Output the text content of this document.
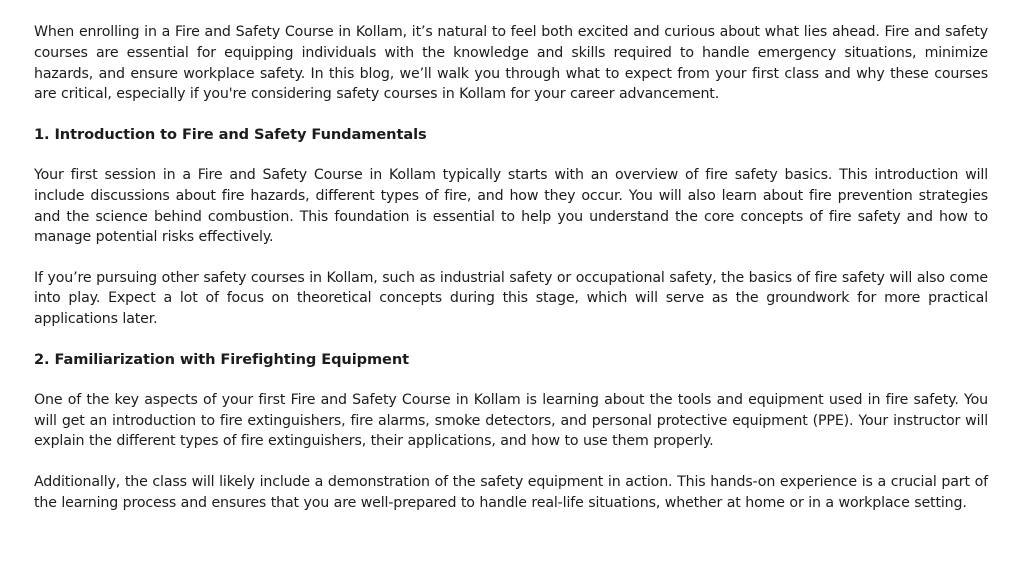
When enrolling in a Fire and Safety Course in Kollam, it’s natural to feel both excited and curious about what lies ahead. Fire and safety courses are essential for equipping individuals with the knowledge and skills required to handle emergency situations, minimize hazards, and ensure workplace safety. In this blog, we’ll walk you through what to expect from your first class and why these courses are critical, especially if you're considering safety courses in Kollam for your career advancement.

1. Introduction to Fire and Safety Fundamentals

Your first session in a Fire and Safety Course in Kollam typically starts with an overview of fire safety basics. This introduction will include discussions about fire hazards, different types of fire, and how they occur. You will also learn about fire prevention strategies and the science behind combustion. This foundation is essential to help you understand the core concepts of fire safety and how to manage potential risks effectively.

If you’re pursuing other safety courses in Kollam, such as industrial safety or occupational safety, the basics of fire safety will also come into play. Expect a lot of focus on theoretical concepts during this stage, which will serve as the groundwork for more practical applications later.

2. Familiarization with Firefighting Equipment

One of the key aspects of your first Fire and Safety Course in Kollam is learning about the tools and equipment used in fire safety. You will get an introduction to fire extinguishers, fire alarms, smoke detectors, and personal protective equipment (PPE). Your instructor will explain the different types of fire extinguishers, their applications, and how to use them properly.

Additionally, the class will likely include a demonstration of the safety equipment in action. This hands-on experience is a crucial part of the learning process and ensures that you are well-prepared to handle real-life situations, whether at home or in a workplace setting.
